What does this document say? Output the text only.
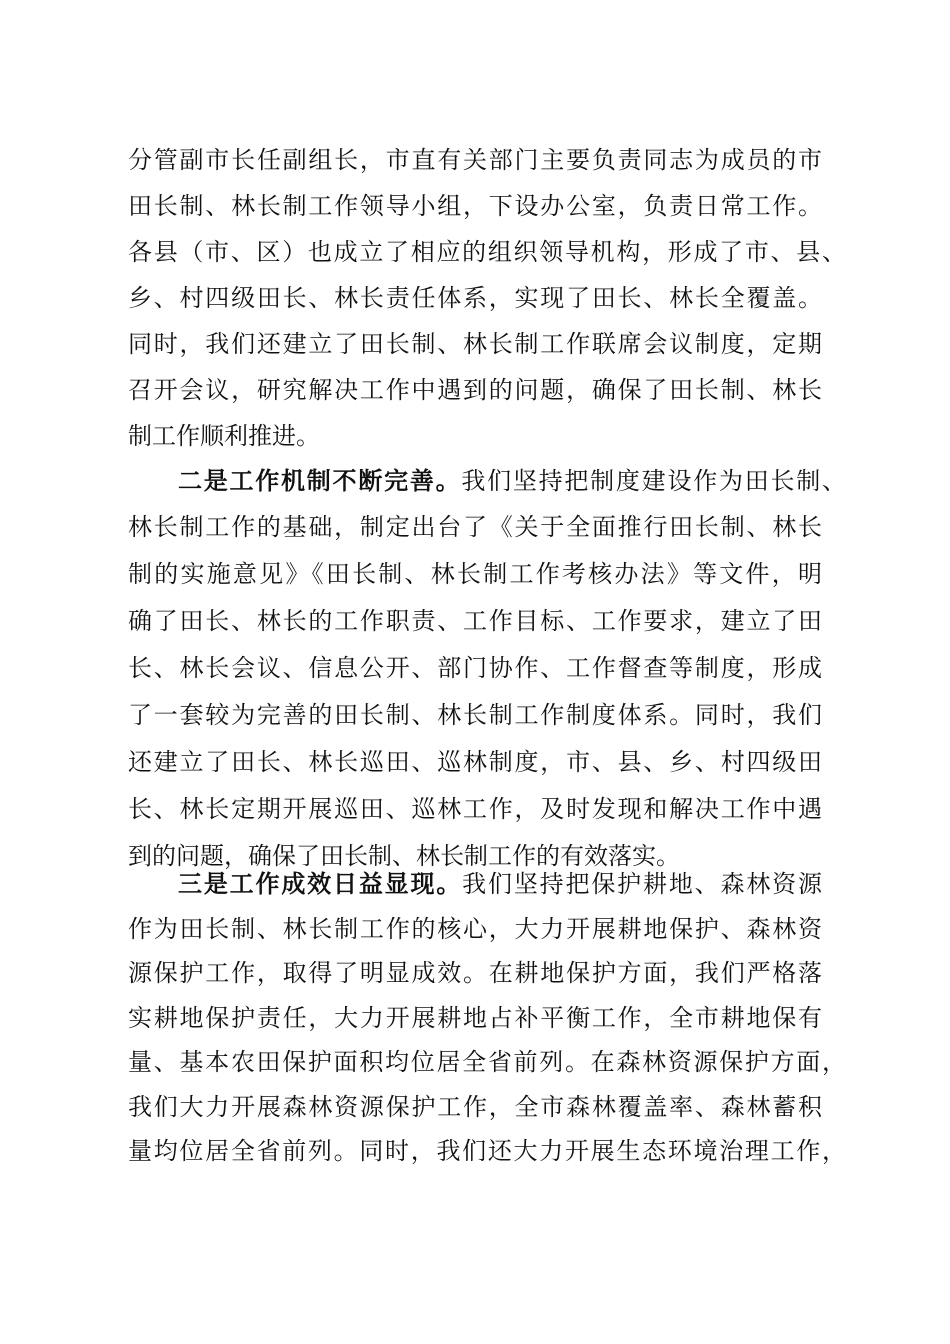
分管副市长任副组长，市直有关部门主要负责同志为成员的市
田长制、林长制工作领导小组，下设办公室，负责日常工作。
各县（市、区）也成立了相应的组织领导机构，形成了市、县、
乡、村四级田长、林长责任体系，实现了田长、林长全覆盖。
同时，我们还建立了田长制、林长制工作联席会议制度，定期
召开会议，研究解决工作中遇到的问题，确保了田长制、林长
制工作顺利推进。
二是工作机制不断完善。我们坚持把制度建设作为田长制、
林长制工作的基础，制定出台了《关于全面推行田长制、林长
制的实施意见》《田长制、林长制工作考核办法》等文件，明
确了田长、林长的工作职责、工作目标、工作要求，建立了田
长、林长会议、信息公开、部门协作、工作督查等制度，形成
了一套较为完善的田长制、林长制工作制度体系。同时，我们
还建立了田长、林长巡田、巡林制度，市、县、乡、村四级田
长、林长定期开展巡田、巡林工作，及时发现和解决工作中遇
到的问题，确保了田长制、林长制工作的有效落实。
三是工作成效日益显现。我们坚持把保护耕地、森林资源
作为田长制、林长制工作的核心，大力开展耕地保护、森林资
源保护工作，取得了明显成效。在耕地保护方面，我们严格落
实耕地保护责任，大力开展耕地占补平衡工作，全市耕地保有
量、基本农田保护面积均位居全省前列。在森林资源保护方面，
我们大力开展森林资源保护工作，全市森林覆盖率、森林蓄积
量均位居全省前列。同时，我们还大力开展生态环境治理工作，
